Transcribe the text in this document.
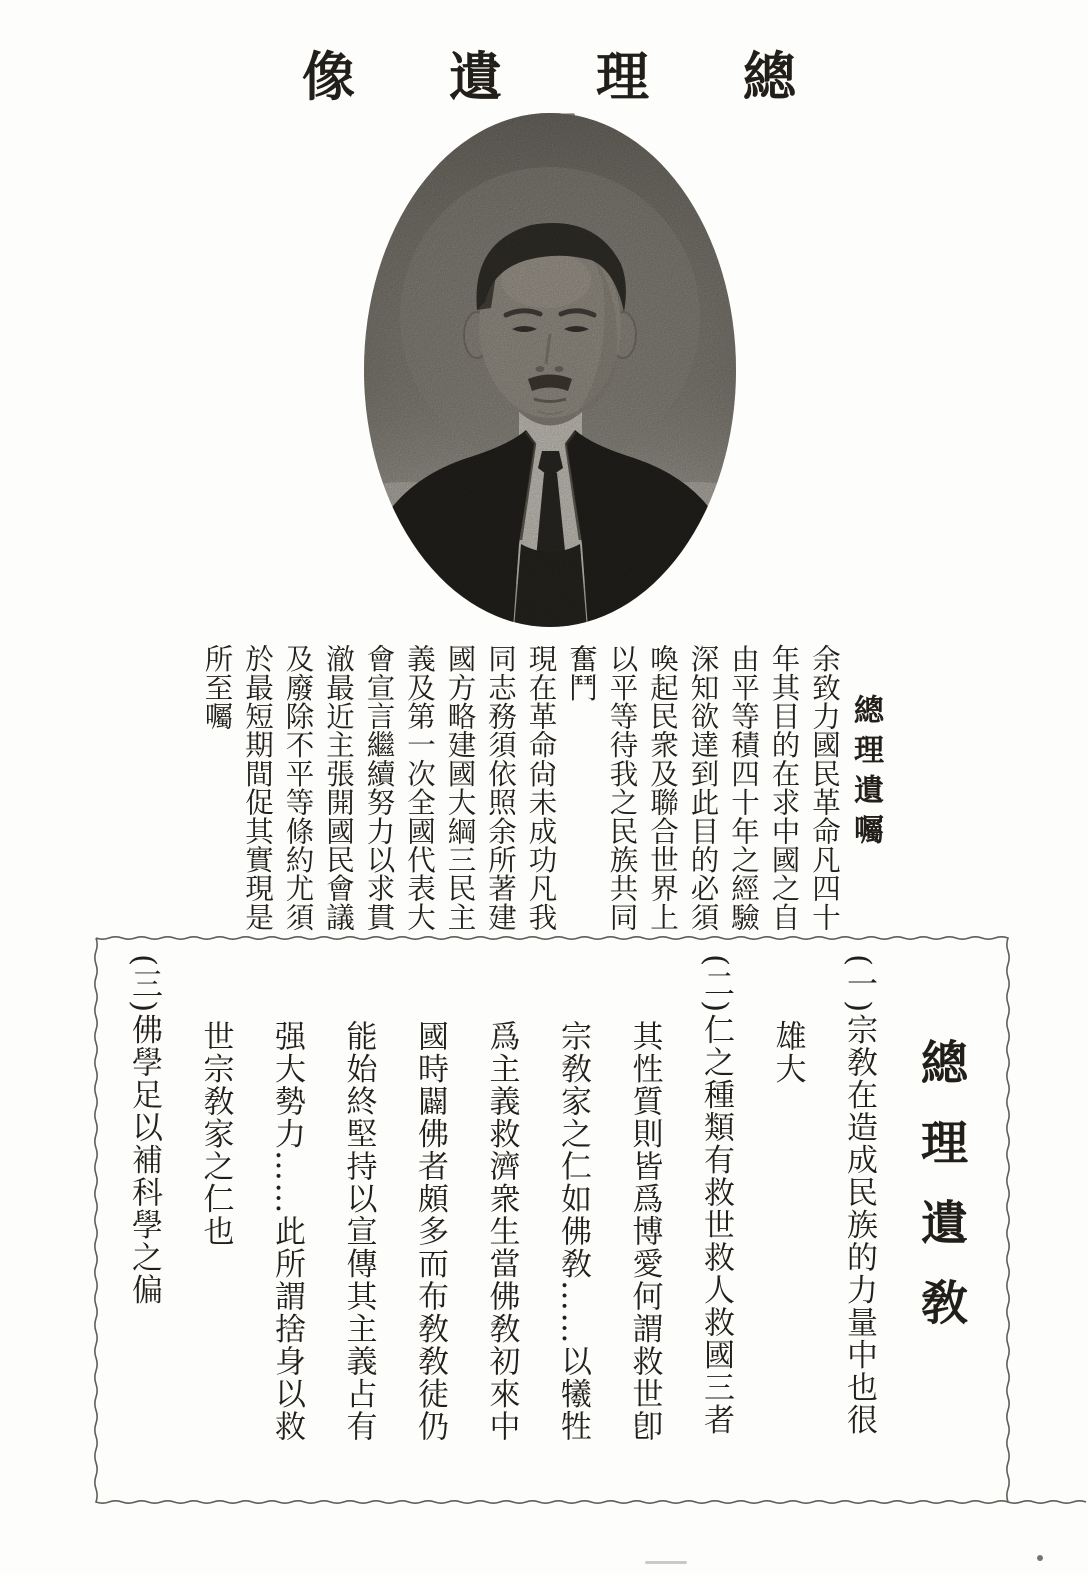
像 遺 理 總
總理遺囑
余致力國民革命凡四十
年其目的在求中國之自
由平等積四十年之經驗
深知欲達到此目的必須
喚起民衆及聯合世界上
以平等待我之民族共同
奮鬥
現在革命尙未成功凡我
同志務須依照余所著建
國方略建國大綱三民主
義及第一次全國代表大
會宣言繼續努力以求貫
澈最近主張開國民會議
及廢除不平等條約尤須
於最短期間促其實現是
所至囑
總理遺敎
(一)宗敎在造成民族的力量中也很
雄大
(二)仁之種類有救世救人救國三者
其性質則皆爲博愛何謂救世卽
宗敎家之仁如佛敎……以犧牲
爲主義救濟衆生當佛敎初來中
國時闢佛者頗多而布敎敎徒仍
能始終堅持以宣傳其主義占有
强大勢力……此所謂捨身以救
世宗敎家之仁也
(三)佛學足以補科學之偏
